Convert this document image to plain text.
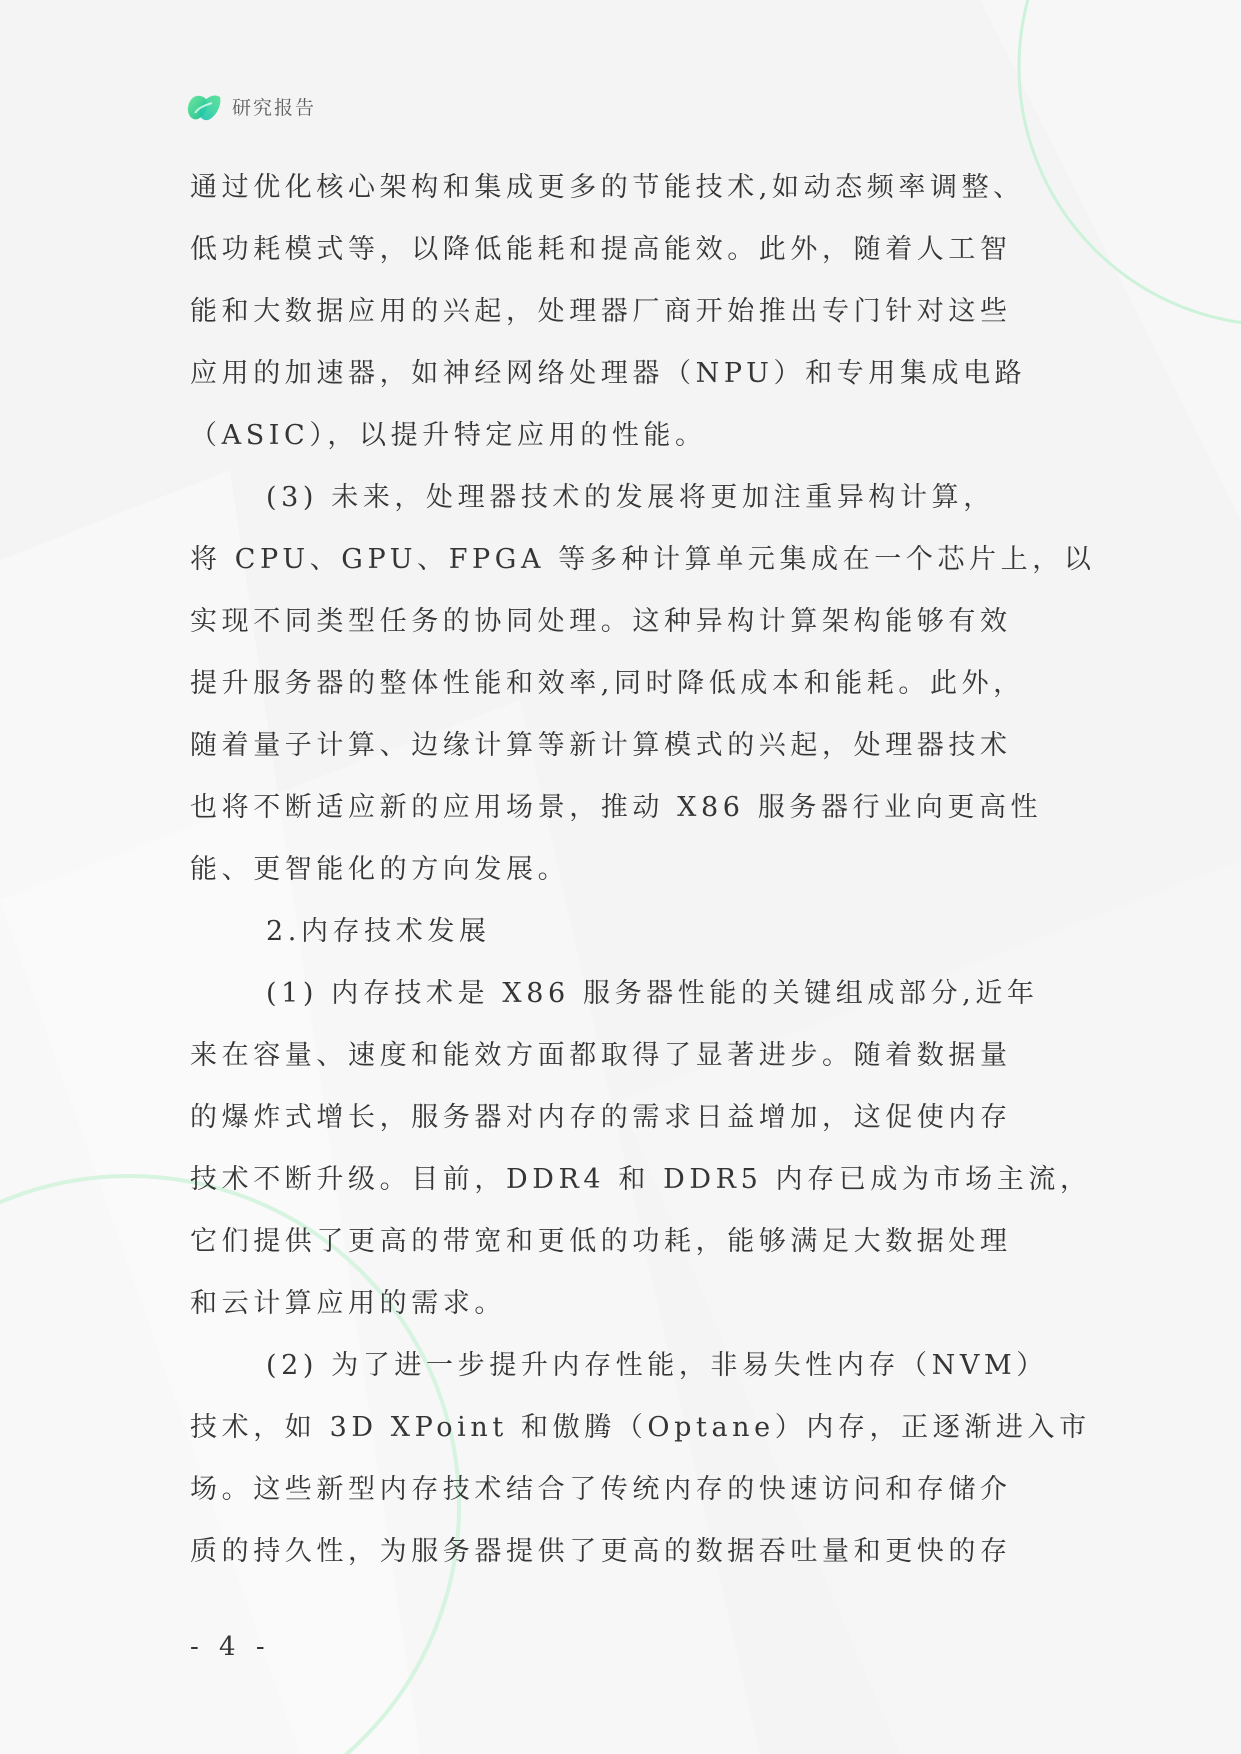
研究报告
通过优化核心架构和集成更多的节能技术,如动态频率调整、
低功耗模式等，以降低能耗和提高能效。此外，随着人工智
能和大数据应用的兴起，处理器厂商开始推出专门针对这些
应用的加速器，如神经网络处理器（NPU）和专用集成电路
（ASIC），以提升特定应用的性能。
(3) 未来，处理器技术的发展将更加注重异构计算，
将 CPU、GPU、FPGA 等多种计算单元集成在一个芯片上，以
实现不同类型任务的协同处理。这种异构计算架构能够有效
提升服务器的整体性能和效率,同时降低成本和能耗。此外，
随着量子计算、边缘计算等新计算模式的兴起，处理器技术
也将不断适应新的应用场景，推动 X86 服务器行业向更高性
能、更智能化的方向发展。
2.内存技术发展
(1) 内存技术是 X86 服务器性能的关键组成部分,近年
来在容量、速度和能效方面都取得了显著进步。随着数据量
的爆炸式增长，服务器对内存的需求日益增加，这促使内存
技术不断升级。目前，DDR4 和 DDR5 内存已成为市场主流，
它们提供了更高的带宽和更低的功耗，能够满足大数据处理
和云计算应用的需求。
(2) 为了进一步提升内存性能，非易失性内存（NVM）
技术，如 3D XPoint 和傲腾（Optane）内存，正逐渐进入市
场。这些新型内存技术结合了传统内存的快速访问和存储介
质的持久性，为服务器提供了更高的数据吞吐量和更快的存
- 4 -
